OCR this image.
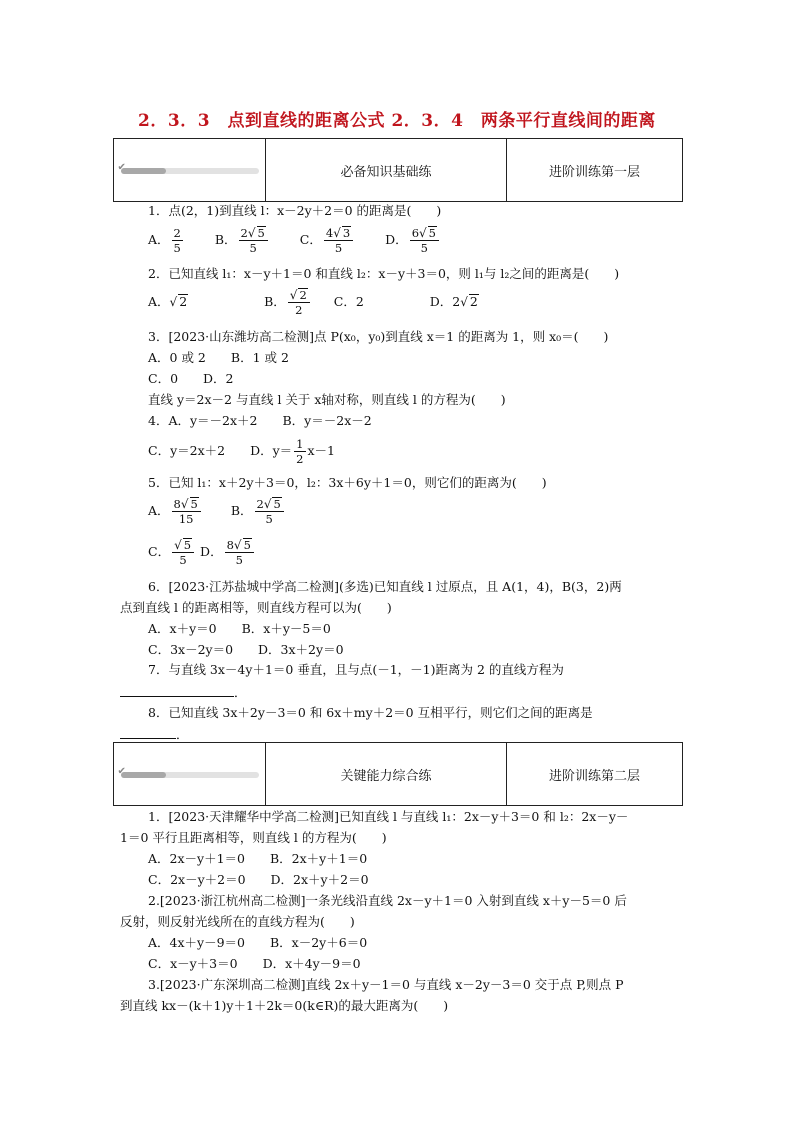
2．3．3　点到直线的距离公式 2．3．4　两条平行直线间的距离
✔	必备知识基础练	进阶训练第一层
1．点(2，1)到直线 l：x－2y＋2＝0 的距离是(　　)
A． $\frac{2}{5}$	B． $\frac{2√ 5}{5}$	C． $\frac{4√ 3}{5}$	D． $\frac{6√ 5}{5}$
2．已知直线 l₁：x－y＋1＝0 和直线 l₂：x－y＋3＝0，则 l₁与 l₂之间的距离是(　　)
A．√ 2	B． $\frac{√ 2}{2}$ C．2	D．2√ 2
3．[2023·山东潍坊高二检测]点 P(x₀，y₀)到直线 x＝1 的距离为 1，则 x₀＝(　　)
A．0 或 2　　B．1 或 2
C．0　　D．2
直线 y＝2x－2 与直线 l 关于 x轴对称，则直线 l 的方程为(　　)
4．A．y＝－2x＋2　　B．y＝－2x－2
C．y＝2x＋2　　D．$y= \frac{1}{2} x-1$
5．已知 l₁：x＋2y＋3＝0，l₂：3x＋6y＋1＝0，则它们的距离为(　　)
A． $\frac{8√ 5}{15}$ B． $\frac{2√ 5}{5}$
C． $\frac{√ 5}{5}$ D． $\frac{8√ 5}{5}$
6．[2023·江苏盐城中学高二检测](多选)已知直线 l 过原点，且 A(1，4)，B(3，2)两
点到直线 l 的距离相等，则直线方程可以为(　　)
A．x＋y＝0　　B．x＋y－5＝0
C．3x－2y＝0　　D．3x＋2y＝0
7．与直线 3x－4y＋1＝0 垂直，且与点(－1，－1)距离为 2 的直线方程为
．
8．已知直线 3x＋2y－3＝0 和 6x＋my＋2＝0 互相平行，则它们之间的距离是
．
✔	关键能力综合练	进阶训练第二层
1．[2023·天津耀华中学高二检测]已知直线 l 与直线 l₁：2x－y＋3＝0 和 l₂：2x－y－
1＝0 平行且距离相等，则直线 l 的方程为(　　)
A．2x－y＋1＝0　　B．2x＋y＋1＝0
C．2x－y＋2＝0　　D．2x＋y＋2＝0
2.[2023·浙江杭州高二检测]一条光线沿直线 2x－y＋1＝0 入射到直线 x＋y－5＝0 后
反射，则反射光线所在的直线方程为(　　)
A．4x＋y－9＝0　　B．x－2y＋6＝0
C．x－y＋3＝0　　D．x＋4y－9＝0
3.[2023·广东深圳高二检测]直线 2x＋y－1＝0 与直线 x－2y－3＝0 交于点 P,则点 P
到直线 kx－(k＋1)y＋1＋2k＝0(k∈R)的最大距离为(　　)
